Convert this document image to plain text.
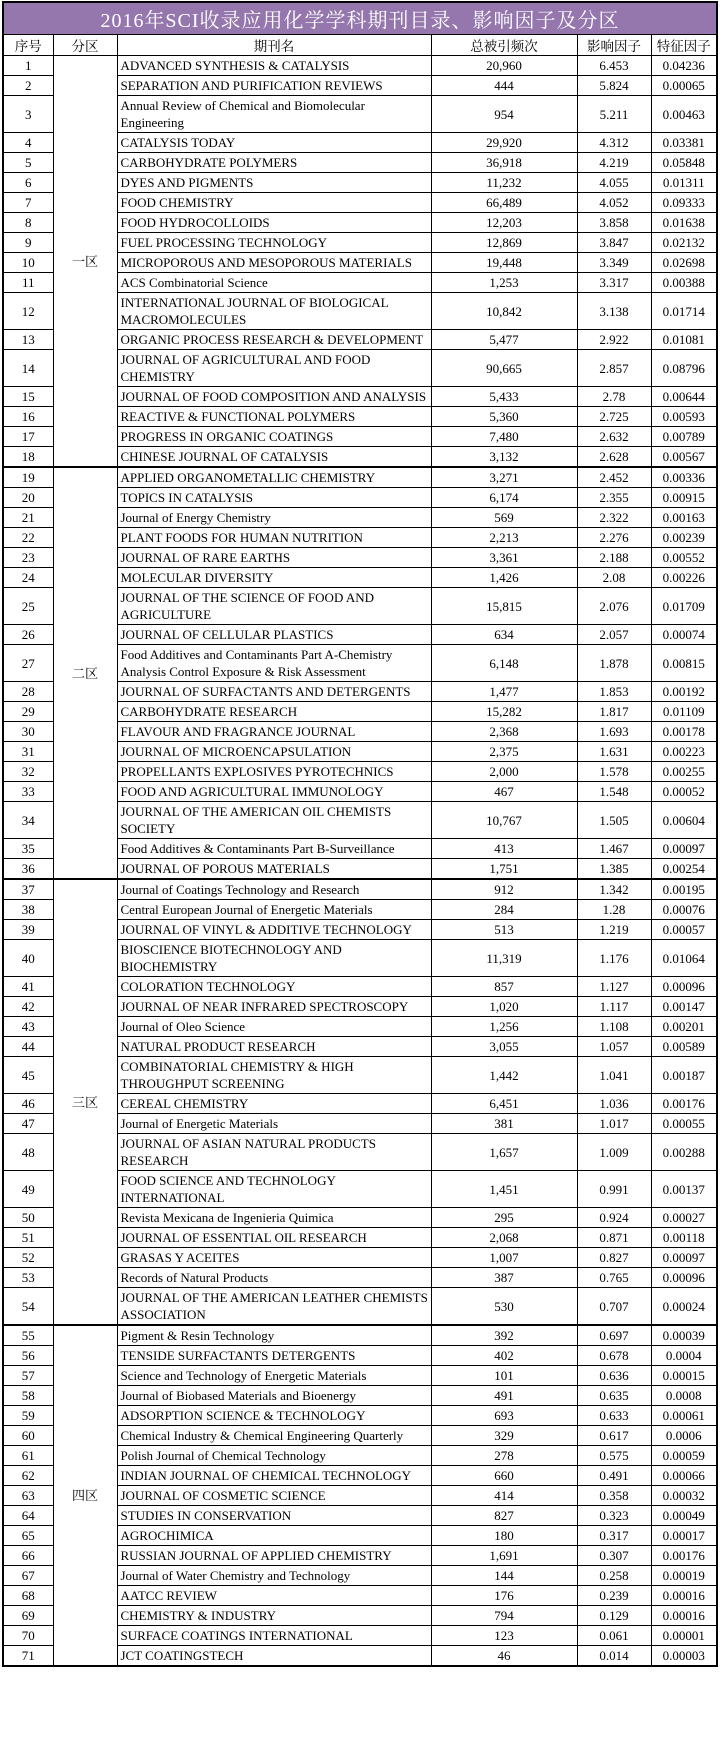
2016年SCI收录应用化学学科期刊目录、影响因子及分区					
序号	分区	期刊名	总被引频次	影响因子	特征因子
1	一区	ADVANCED SYNTHESIS & CATALYSIS	20,960	6.453	0.04236
2		SEPARATION AND PURIFICATION REVIEWS	444	5.824	0.00065
3		Annual Review of Chemical and Biomolecular Engineering	954	5.211	0.00463
4		CATALYSIS TODAY	29,920	4.312	0.03381
5		CARBOHYDRATE POLYMERS	36,918	4.219	0.05848
6		DYES AND PIGMENTS	11,232	4.055	0.01311
7		FOOD CHEMISTRY	66,489	4.052	0.09333
8		FOOD HYDROCOLLOIDS	12,203	3.858	0.01638
9		FUEL PROCESSING TECHNOLOGY	12,869	3.847	0.02132
10		MICROPOROUS AND MESOPOROUS MATERIALS	19,448	3.349	0.02698
11		ACS Combinatorial Science	1,253	3.317	0.00388
12		INTERNATIONAL JOURNAL OF BIOLOGICAL MACROMOLECULES	10,842	3.138	0.01714
13		ORGANIC PROCESS RESEARCH & DEVELOPMENT	5,477	2.922	0.01081
14		JOURNAL OF AGRICULTURAL AND FOOD CHEMISTRY	90,665	2.857	0.08796
15		JOURNAL OF FOOD COMPOSITION AND ANALYSIS	5,433	2.78	0.00644
16		REACTIVE & FUNCTIONAL POLYMERS	5,360	2.725	0.00593
17		PROGRESS IN ORGANIC COATINGS	7,480	2.632	0.00789
18		CHINESE JOURNAL OF CATALYSIS	3,132	2.628	0.00567
19	二区	APPLIED ORGANOMETALLIC CHEMISTRY	3,271	2.452	0.00336
20		TOPICS IN CATALYSIS	6,174	2.355	0.00915
21		Journal of Energy Chemistry	569	2.322	0.00163
22		PLANT FOODS FOR HUMAN NUTRITION	2,213	2.276	0.00239
23		JOURNAL OF RARE EARTHS	3,361	2.188	0.00552
24		MOLECULAR DIVERSITY	1,426	2.08	0.00226
25		JOURNAL OF THE SCIENCE OF FOOD AND AGRICULTURE	15,815	2.076	0.01709
26		JOURNAL OF CELLULAR PLASTICS	634	2.057	0.00074
27		Food Additives and Contaminants Part A-Chemistry Analysis Control Exposure & Risk Assessment	6,148	1.878	0.00815
28		JOURNAL OF SURFACTANTS AND DETERGENTS	1,477	1.853	0.00192
29		CARBOHYDRATE RESEARCH	15,282	1.817	0.01109
30		FLAVOUR AND FRAGRANCE JOURNAL	2,368	1.693	0.00178
31		JOURNAL OF MICROENCAPSULATION	2,375	1.631	0.00223
32		PROPELLANTS EXPLOSIVES PYROTECHNICS	2,000	1.578	0.00255
33		FOOD AND AGRICULTURAL IMMUNOLOGY	467	1.548	0.00052
34		JOURNAL OF THE AMERICAN OIL CHEMISTS SOCIETY	10,767	1.505	0.00604
35		Food Additives & Contaminants Part B-Surveillance	413	1.467	0.00097
36		JOURNAL OF POROUS MATERIALS	1,751	1.385	0.00254
37	三区	Journal of Coatings Technology and Research	912	1.342	0.00195
38		Central European Journal of Energetic Materials	284	1.28	0.00076
39		JOURNAL OF VINYL & ADDITIVE TECHNOLOGY	513	1.219	0.00057
40		BIOSCIENCE BIOTECHNOLOGY AND BIOCHEMISTRY	11,319	1.176	0.01064
41		COLORATION TECHNOLOGY	857	1.127	0.00096
42		JOURNAL OF NEAR INFRARED SPECTROSCOPY	1,020	1.117	0.00147
43		Journal of Oleo Science	1,256	1.108	0.00201
44		NATURAL PRODUCT RESEARCH	3,055	1.057	0.00589
45		COMBINATORIAL CHEMISTRY & HIGH THROUGHPUT SCREENING	1,442	1.041	0.00187
46		CEREAL CHEMISTRY	6,451	1.036	0.00176
47		Journal of Energetic Materials	381	1.017	0.00055
48		JOURNAL OF ASIAN NATURAL PRODUCTS RESEARCH	1,657	1.009	0.00288
49		FOOD SCIENCE AND TECHNOLOGY INTERNATIONAL	1,451	0.991	0.00137
50		Revista Mexicana de Ingenieria Quimica	295	0.924	0.00027
51		JOURNAL OF ESSENTIAL OIL RESEARCH	2,068	0.871	0.00118
52		GRASAS Y ACEITES	1,007	0.827	0.00097
53		Records of Natural Products	387	0.765	0.00096
54		JOURNAL OF THE AMERICAN LEATHER CHEMISTS ASSOCIATION	530	0.707	0.00024
55	四区	Pigment & Resin Technology	392	0.697	0.00039
56		TENSIDE SURFACTANTS DETERGENTS	402	0.678	0.0004
57		Science and Technology of Energetic Materials	101	0.636	0.00015
58		Journal of Biobased Materials and Bioenergy	491	0.635	0.0008
59		ADSORPTION SCIENCE & TECHNOLOGY	693	0.633	0.00061
60		Chemical Industry & Chemical Engineering Quarterly	329	0.617	0.0006
61		Polish Journal of Chemical Technology	278	0.575	0.00059
62		INDIAN JOURNAL OF CHEMICAL TECHNOLOGY	660	0.491	0.00066
63		JOURNAL OF COSMETIC SCIENCE	414	0.358	0.00032
64		STUDIES IN CONSERVATION	827	0.323	0.00049
65		AGROCHIMICA	180	0.317	0.00017
66		RUSSIAN JOURNAL OF APPLIED CHEMISTRY	1,691	0.307	0.00176
67		Journal of Water Chemistry and Technology	144	0.258	0.00019
68		AATCC REVIEW	176	0.239	0.00016
69		CHEMISTRY & INDUSTRY	794	0.129	0.00016
70		SURFACE COATINGS INTERNATIONAL	123	0.061	0.00001
71		JCT COATINGSTECH	46	0.014	0.00003
